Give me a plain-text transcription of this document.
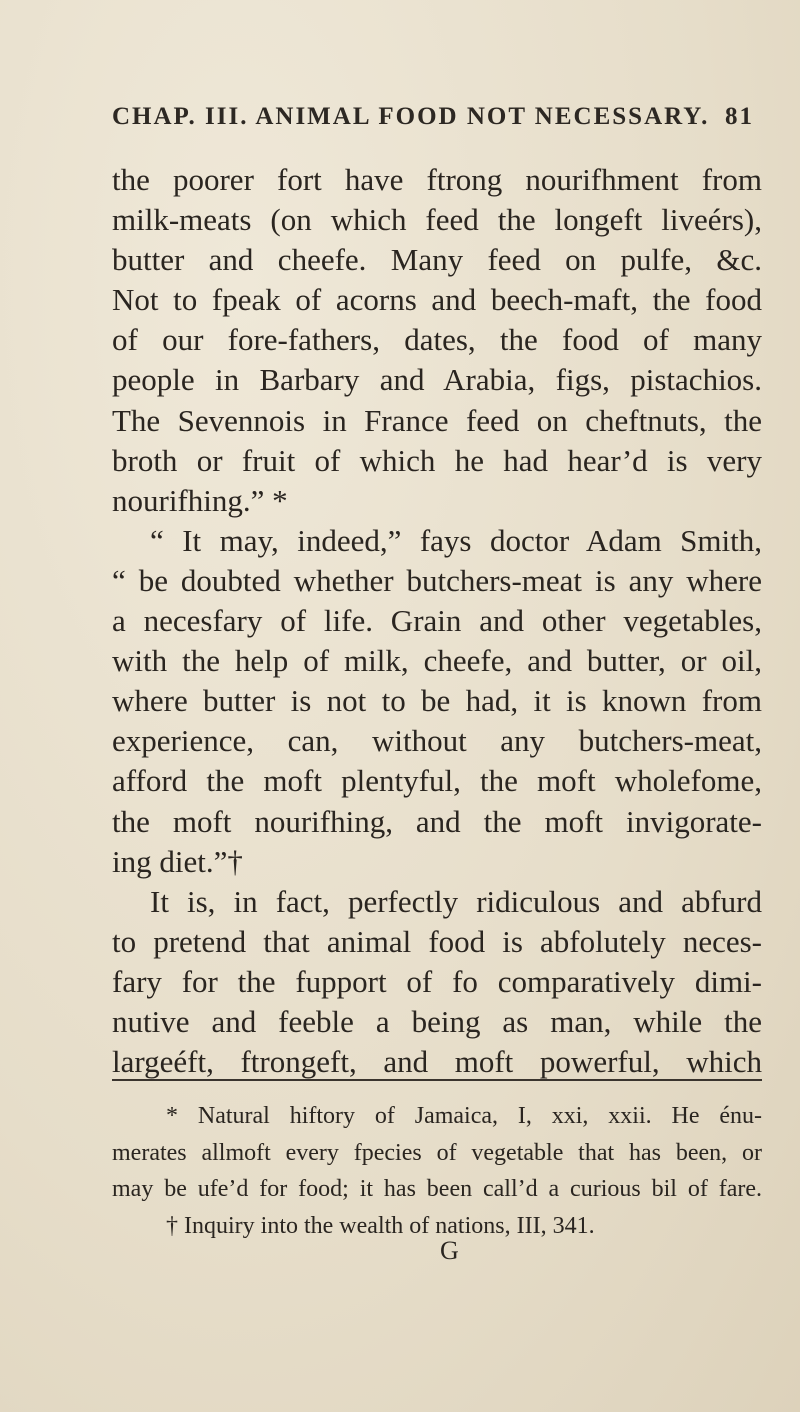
CHAP. III. ANIMAL FOOD NOT NECESSARY. 81
the poorer fort have ftrong nourifhment from
milk-meats (on which feed the longeft liveérs),
butter and cheefe. Many feed on pulfe, &c.
Not to fpeak of acorns and beech-maft, the food
of our fore-fathers, dates, the food of many
people in Barbary and Arabia, figs, pistachios.
The Sevennois in France feed on cheftnuts, the
broth or fruit of which he had hear’d is very
nourifhing.” *
“ It may, indeed,” fays doctor Adam Smith,
“ be doubted whether butchers-meat is any where
a necesfary of life. Grain and other vegetables,
with the help of milk, cheefe, and butter, or oil,
where butter is not to be had, it is known from
experience, can, without any butchers-meat,
afford the moft plentyful, the moft wholefome,
the moft nourifhing, and the moft invigorate-
ing diet.”†
It is, in fact, perfectly ridiculous and abfurd
to pretend that animal food is abfolutely neces-
fary for the fupport of fo comparatively dimi-
nutive and feeble a being as man, while the
largeéft, ftrongeft, and moft powerful, which
* Natural hiftory of Jamaica, I, xxi, xxii. He énu-
merates allmoft every fpecies of vegetable that has been, or
may be ufe’d for food; it has been call’d a curious bil of fare.
† Inquiry into the wealth of nations, III, 341.
G
